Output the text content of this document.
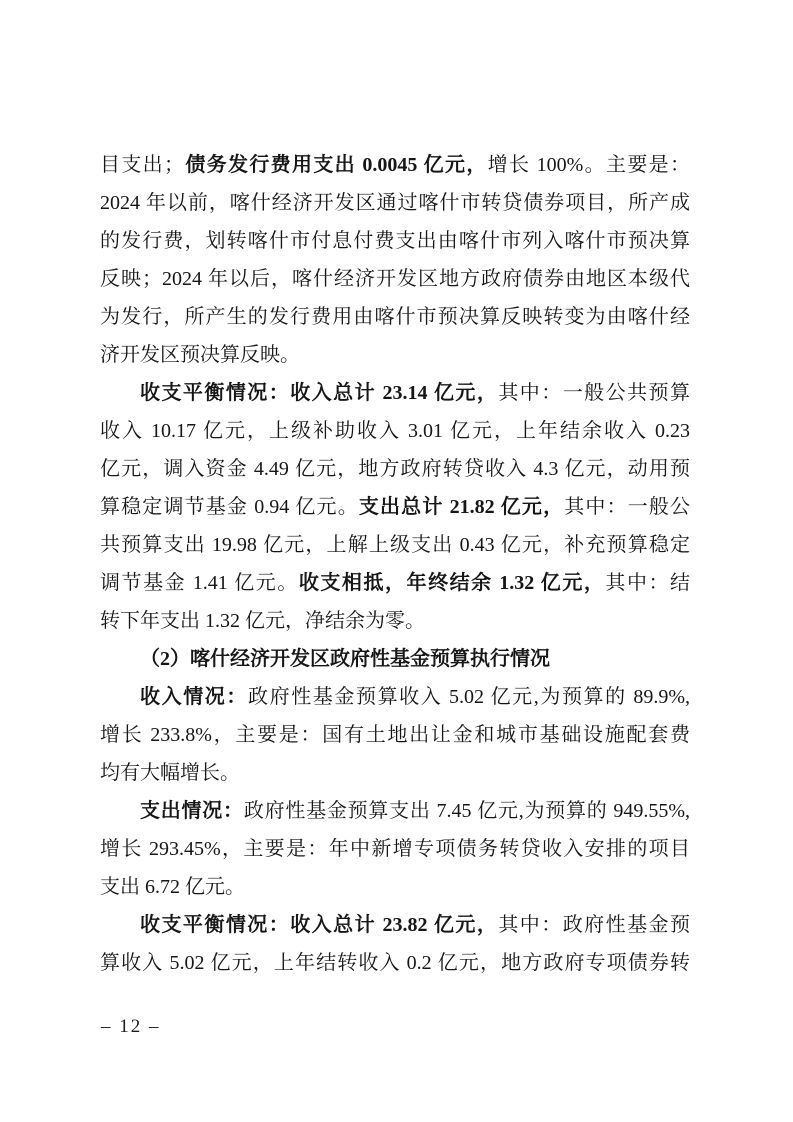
目支出；债务发行费用支出 0.0045 亿元，增长 100%。主要是：
2024 年以前，喀什经济开发区通过喀什市转贷债券项目，所产成
的发行费，划转喀什市付息付费支出由喀什市列入喀什市预决算
反映；2024 年以后，喀什经济开发区地方政府债券由地区本级代
为发行，所产生的发行费用由喀什市预决算反映转变为由喀什经
济开发区预决算反映。
收支平衡情况：收入总计 23.14 亿元，其中：一般公共预算
收入 10.17 亿元，上级补助收入 3.01 亿元，上年结余收入 0.23
亿元，调入资金 4.49 亿元，地方政府转贷收入 4.3 亿元，动用预
算稳定调节基金 0.94 亿元。支出总计 21.82 亿元，其中：一般公
共预算支出 19.98 亿元，上解上级支出 0.43 亿元，补充预算稳定
调节基金 1.41 亿元。收支相抵，年终结余 1.32 亿元，其中：结
转下年支出 1.32 亿元，净结余为零。
（2）喀什经济开发区政府性基金预算执行情况
收入情况：政府性基金预算收入 5.02 亿元,为预算的 89.9%,
增长 233.8%，主要是：国有土地出让金和城市基础设施配套费
均有大幅增长。
支出情况：政府性基金预算支出 7.45 亿元,为预算的 949.55%,
增长 293.45%，主要是：年中新增专项债务转贷收入安排的项目
支出 6.72 亿元。
收支平衡情况：收入总计 23.82 亿元，其中：政府性基金预
算收入 5.02 亿元，上年结转收入 0.2 亿元，地方政府专项债券转
– 12 –
